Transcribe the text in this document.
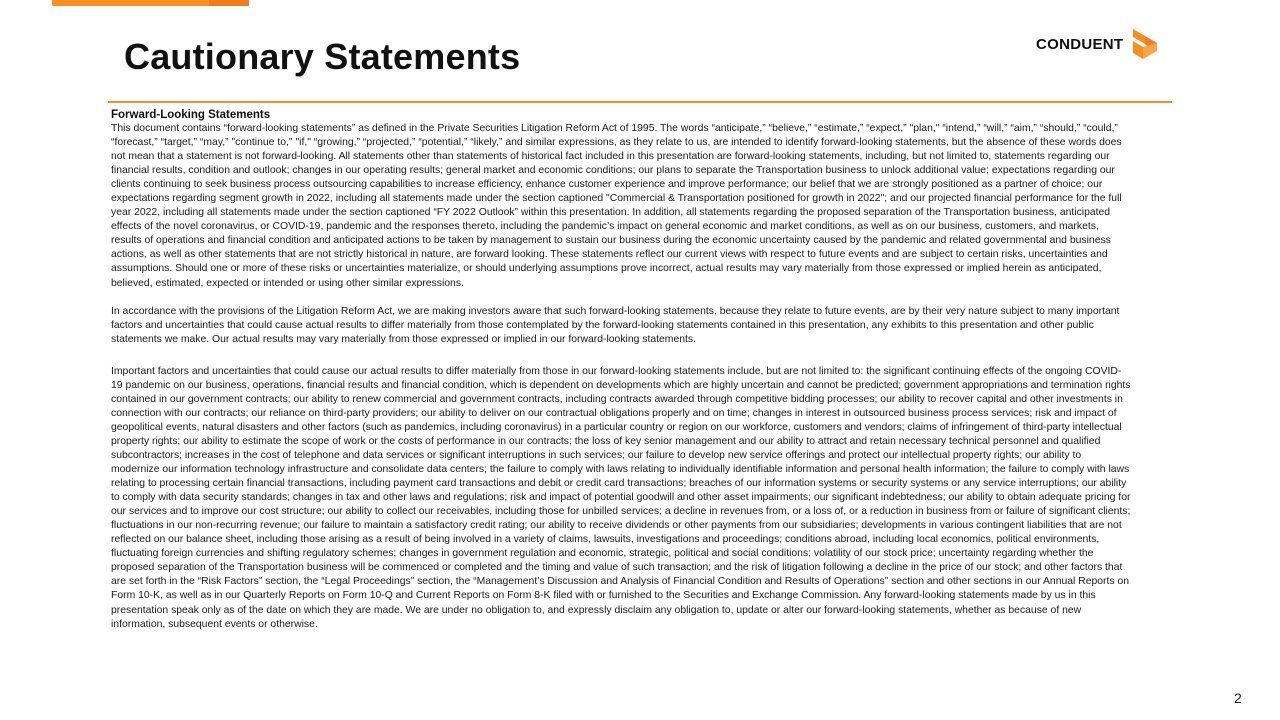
Cautionary Statements	CONDUENT
Forward-Looking Statements

This document contains “forward-looking statements” as defined in the Private Securities Litigation Reform Act of 1995. The words “anticipate,” “believe,” “estimate,” “expect,” "plan," “intend,” “will,” “aim,” “should,” “could,” “forecast,” “target,” “may,” "continue to," "if," “growing,” “projected,” “potential,” “likely,” and similar expressions, as they relate to us, are intended to identify forward-looking statements, but the absence of these words does not mean that a statement is not forward-looking. All statements other than statements of historical fact included in this presentation are forward-looking statements, including, but not limited to, statements regarding our financial results, condition and outlook; changes in our operating results; general market and economic conditions; our plans to separate the Transportation business to unlock additional value; expectations regarding our clients continuing to seek business process outsourcing capabilities to increase efficiency, enhance customer experience and improve performance; our belief that we are strongly positioned as a partner of choice; our expectations regarding segment growth in 2022, including all statements made under the section captioned "Commercial & Transportation positioned for growth in 2022"; and our projected financial performance for the full year 2022, including all statements made under the section captioned “FY 2022 Outlook” within this presentation. In addition, all statements regarding the proposed separation of the Transportation business, anticipated effects of the novel coronavirus, or COVID-19, pandemic and the responses thereto, including the pandemic’s impact on general economic and market conditions, as well as on our business, customers, and markets, results of operations and financial condition and anticipated actions to be taken by management to sustain our business during the economic uncertainty caused by the pandemic and related governmental and business actions, as well as other statements that are not strictly historical in nature, are forward looking. These statements reflect our current views with respect to future events and are subject to certain risks, uncertainties and assumptions. Should one or more of these risks or uncertainties materialize, or should underlying assumptions prove incorrect, actual results may vary materially from those expressed or implied herein as anticipated, believed, estimated, expected or intended or using other similar expressions.

In accordance with the provisions of the Litigation Reform Act, we are making investors aware that such forward-looking statements, because they relate to future events, are by their very nature subject to many important factors and uncertainties that could cause actual results to differ materially from those contemplated by the forward-looking statements contained in this presentation, any exhibits to this presentation and other public statements we make. Our actual results may vary materially from those expressed or implied in our forward-looking statements.

Important factors and uncertainties that could cause our actual results to differ materially from those in our forward-looking statements include, but are not limited to: the significant continuing effects of the ongoing COVID-19 pandemic on our business, operations, financial results and financial condition, which is dependent on developments which are highly uncertain and cannot be predicted; government appropriations and termination rights contained in our government contracts; our ability to renew commercial and government contracts, including contracts awarded through competitive bidding processes; our ability to recover capital and other investments in connection with our contracts; our reliance on third-party providers; our ability to deliver on our contractual obligations properly and on time; changes in interest in outsourced business process services; risk and impact of geopolitical events, natural disasters and other factors (such as pandemics, including coronavirus) in a particular country or region on our workforce, customers and vendors; claims of infringement of third-party intellectual property rights; our ability to estimate the scope of work or the costs of performance in our contracts; the loss of key senior management and our ability to attract and retain necessary technical personnel and qualified subcontractors; increases in the cost of telephone and data services or significant interruptions in such services; our failure to develop new service offerings and protect our intellectual property rights; our ability to modernize our information technology infrastructure and consolidate data centers; the failure to comply with laws relating to individually identifiable information and personal health information; the failure to comply with laws relating to processing certain financial transactions, including payment card transactions and debit or credit card transactions; breaches of our information systems or security systems or any service interruptions; our ability to comply with data security standards; changes in tax and other laws and regulations; risk and impact of potential goodwill and other asset impairments; our significant indebtedness; our ability to obtain adequate pricing for our services and to improve our cost structure; our ability to collect our receivables, including those for unbilled services; a decline in revenues from, or a loss of, or a reduction in business from or failure of significant clients; fluctuations in our non-recurring revenue; our failure to maintain a satisfactory credit rating; our ability to receive dividends or other payments from our subsidiaries; developments in various contingent liabilities that are not reflected on our balance sheet, including those arising as a result of being involved in a variety of claims, lawsuits, investigations and proceedings; conditions abroad, including local economics, political environments, fluctuating foreign currencies and shifting regulatory schemes; changes in government regulation and economic, strategic, political and social conditions; volatility of our stock price; uncertainty regarding whether the proposed separation of the Transportation business will be commenced or completed and the timing and value of such transaction; and the risk of litigation following a decline in the price of our stock; and other factors that are set forth in the “Risk Factors” section, the “Legal Proceedings” section, the “Management’s Discussion and Analysis of Financial Condition and Results of Operations” section and other sections in our Annual Reports on Form 10-K, as well as in our Quarterly Reports on Form 10-Q and Current Reports on Form 8-K filed with or furnished to the Securities and Exchange Commission. Any forward-looking statements made by us in this presentation speak only as of the date on which they are made. We are under no obligation to, and expressly disclaim any obligation to, update or alter our forward-looking statements, whether as because of new information, subsequent events or otherwise.

2
